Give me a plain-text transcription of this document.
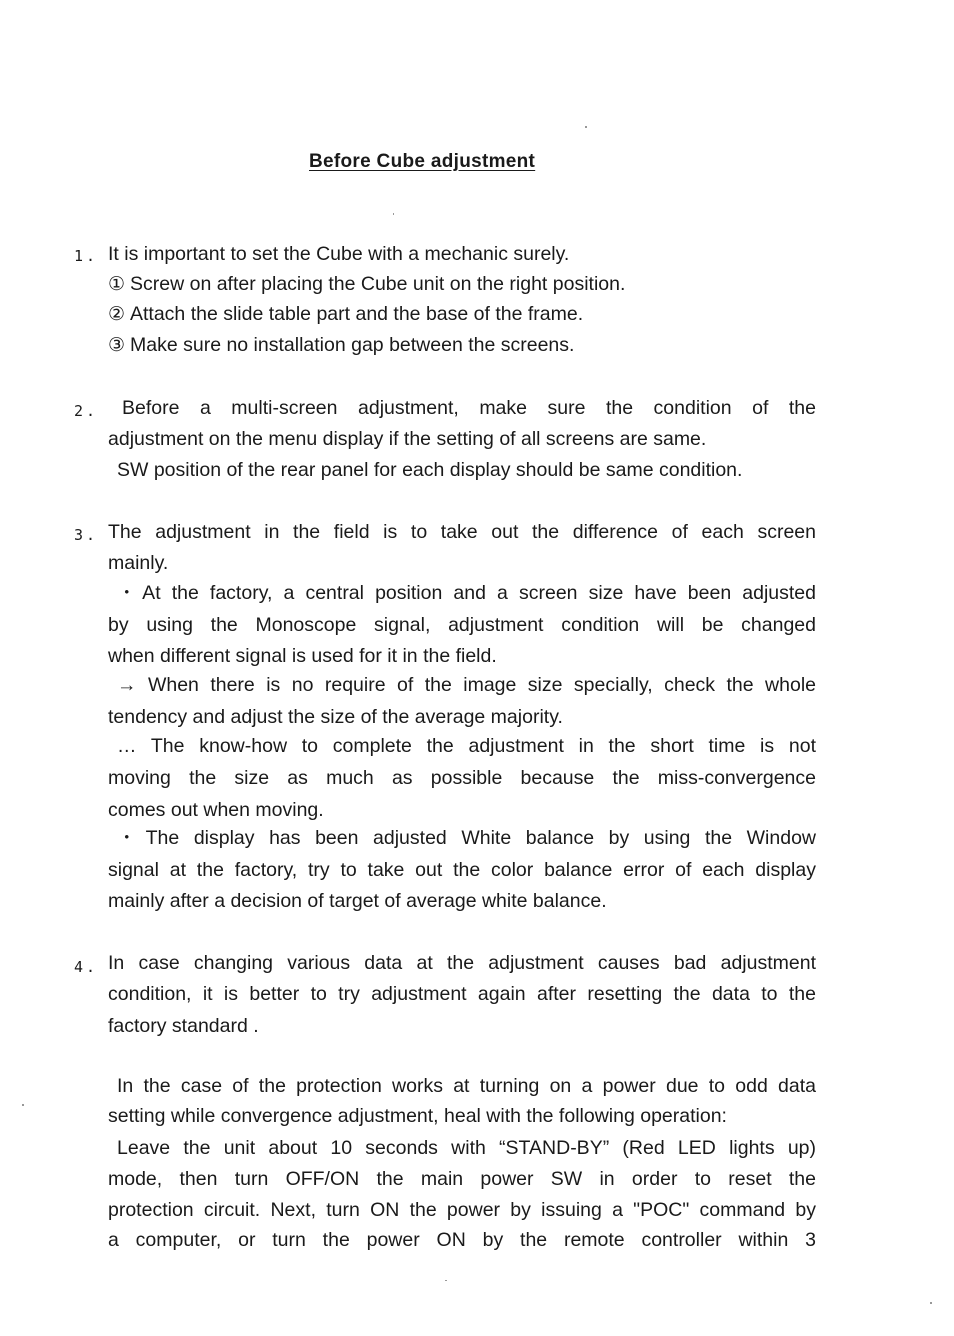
Before Cube adjustment
1. It is important to set the Cube with a mechanic surely.
① Screw on after placing the Cube unit on the right position.
② Attach the slide table part and the base of the frame.
③ Make sure no installation gap between the screens.
2. Before a multi-screen adjustment, make sure the condition of the
adjustment on the menu display if the setting of all screens are same.
SW position of the rear panel for each display should be same condition.
3. The adjustment in the field is to take out the difference of each screen
mainly.
・At the factory, a central position and a screen size have been adjusted
by using the Monoscope signal, adjustment condition will be changed
when different signal is used for it in the field.
→ When there is no require of the image size specially, check the whole
tendency and adjust the size of the average majority.
… The know-how to complete the adjustment in the short time is not
moving the size as much as possible because the miss-convergence
comes out when moving.
・The display has been adjusted White balance by using the Window
signal at the factory, try to take out the color balance error of each display
mainly after a decision of target of average white balance.
4. In case changing various data at the adjustment causes bad adjustment
condition, it is better to try adjustment again after resetting the data to the
factory standard .
In the case of the protection works at turning on a power due to odd data
setting while convergence adjustment, heal with the following operation:
Leave the unit about 10 seconds with “STAND-BY” (Red LED lights up)
mode, then turn OFF/ON the main power SW in order to reset the
protection circuit. Next, turn ON the power by issuing a "POC" command by
a computer, or turn the power ON by the remote controller within 3
